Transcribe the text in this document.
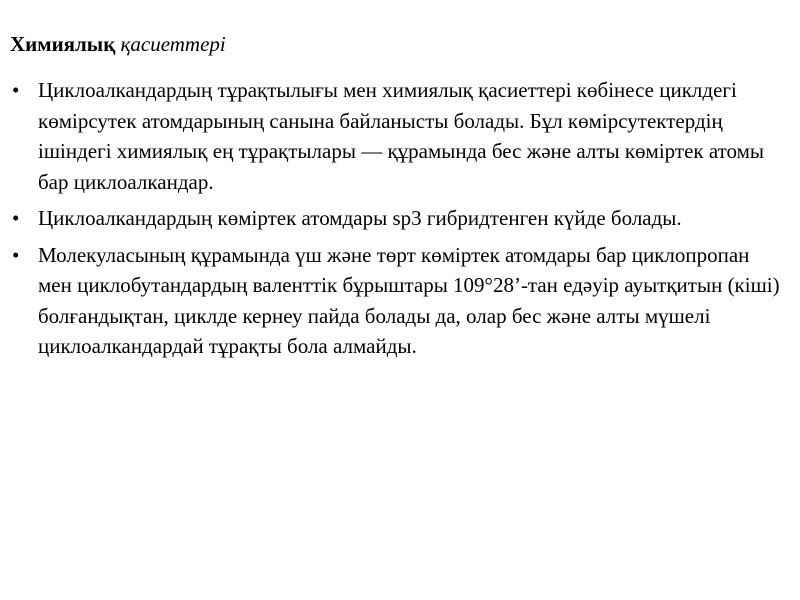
Химиялық қасиеттері
• Циклоалкандардың тұрақтылығы мен химиялық қасиеттері көбінесе циклдегі көмірсутек атомдарының санына байланысты болады. Бұл көмірсутектердің ішіндегі химиялық ең тұрақтылары — құрамында бес және алты көміртек атомы бар циклоалкандар.
• Циклоалкандардың көміртек атомдары sp3 гибридтенген күйде болады.
• Молекуласының құрамында үш және төрт көміртек атомдары бар циклопропан мен циклобутандардың валенттік бұрыштары 109°28’-тан едәуір ауытқитын (кіші) болғандықтан, циклде кернеу пайда болады да, олар бес және алты мүшелі циклоалкандардай тұрақты бола алмайды.
